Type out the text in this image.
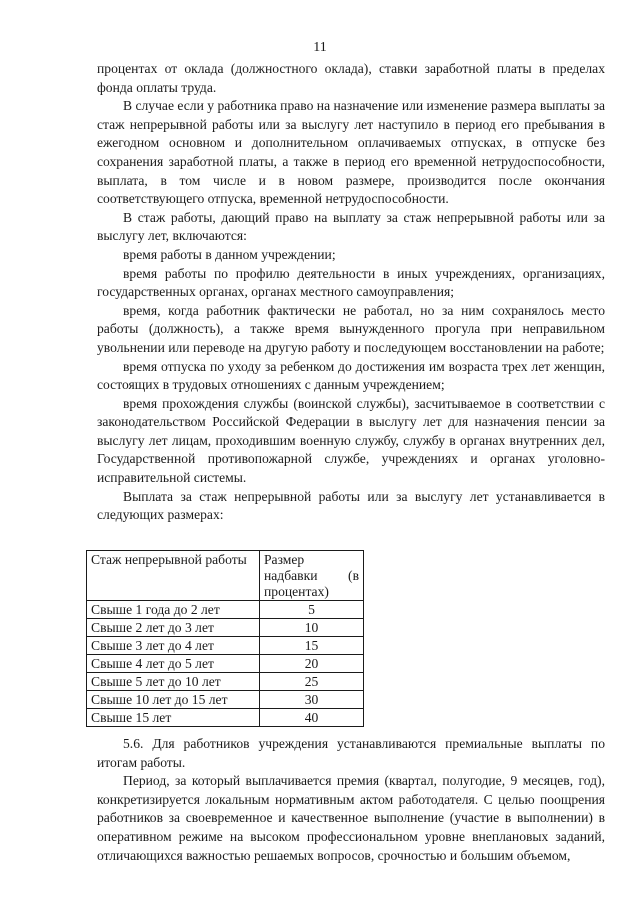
11

процентах от оклада (должностного оклада), ставки заработной платы в пределах фонда оплаты труда.

В случае если у работника право на назначение или изменение размера выплаты за стаж непрерывной работы или за выслугу лет наступило в период его пребывания в ежегодном основном и дополнительном оплачиваемых отпусках, в отпуске без сохранения заработной платы, а также в период его временной нетрудоспособности, выплата, в том числе и в новом размере, производится после окончания соответствующего отпуска, временной нетрудоспособности.

В стаж работы, дающий право на выплату за стаж непрерывной работы или за выслугу лет, включаются:

время работы в данном учреждении;

время работы по профилю деятельности в иных учреждениях, организациях, государственных органах, органах местного самоуправления;

время, когда работник фактически не работал, но за ним сохранялось место работы (должность), а также время вынужденного прогула при неправильном увольнении или переводе на другую работу и последующем восстановлении на работе;

время отпуска по уходу за ребенком до достижения им возраста трех лет женщин, состоящих в трудовых отношениях с данным учреждением;

время прохождения службы (воинской службы), засчитываемое в соответствии с законодательством Российской Федерации в выслугу лет для назначения пенсии за выслугу лет лицам, проходившим военную службу, службу в органах внутренних дел, Государственной противопожарной службе, учреждениях и органах уголовно-исправительной системы.

Выплата за стаж непрерывной работы или за выслугу лет устанавливается в следующих размерах:

Стаж непрерывной работы	Размер надбавки (в процентах)
Свыше 1 года до 2 лет	5
Свыше 2 лет до 3 лет	10
Свыше 3 лет до 4 лет	15
Свыше 4 лет до 5 лет	20
Свыше 5 лет до 10 лет	25
Свыше 10 лет до 15 лет	30
Свыше 15 лет	40

5.6. Для работников учреждения устанавливаются премиальные выплаты по итогам работы.

Период, за который выплачивается премия (квартал, полугодие, 9 месяцев, год), конкретизируется локальным нормативным актом работодателя. С целью поощрения работников за своевременное и качественное выполнение (участие в выполнении) в оперативном режиме на высоком профессиональном уровне внеплановых заданий, отличающихся важностью решаемых вопросов, срочностью и большим объемом,
